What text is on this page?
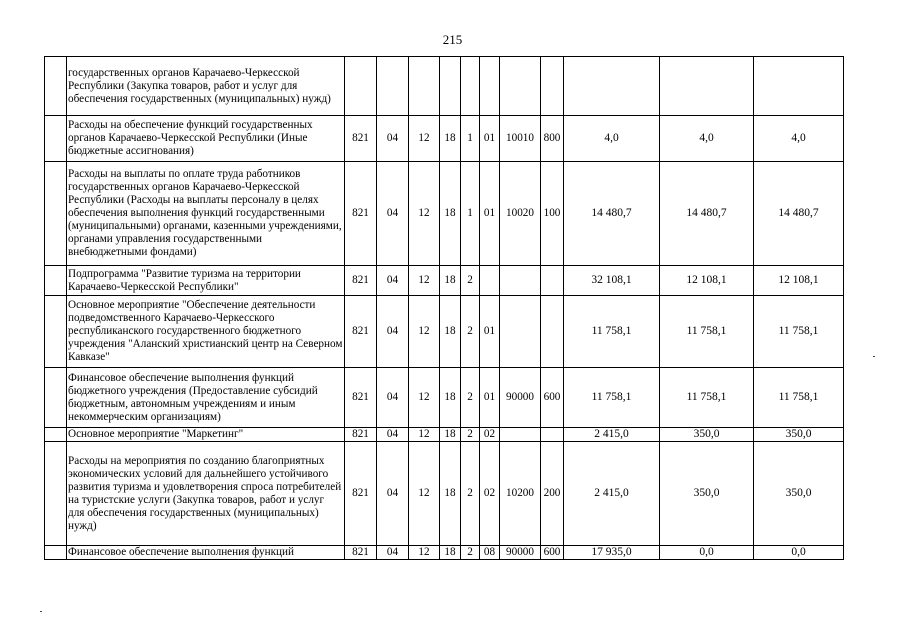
215
	государственных органов Карачаево-Черкесской Республики (Закупка товаров, работ и услуг для обеспечения государственных (муниципальных) нужд)											
	Расходы на обеспечение функций государственных органов Карачаево-Черкесской Республики (Иные бюджетные ассигнования)	821	04	12	18	1	01	10010	800	4,0	4,0	4,0
	Расходы на выплаты по оплате труда работников государственных органов Карачаево-Черкесской Республики (Расходы на выплаты персоналу в целях обеспечения выполнения функций государственными (муниципальными) органами, казенными учреждениями, органами управления государственными внебюджетными фондами)	821	04	12	18	1	01	10020	100	14 480,7	14 480,7	14 480,7
	Подпрограмма "Развитие туризма на территории Карачаево-Черкесской Республики"	821	04	12	18	2				32 108,1	12 108,1	12 108,1
	Основное мероприятие "Обеспечение деятельности подведомственного Карачаево-Черкесского республиканского государственного бюджетного учреждения "Аланский христианский центр на Северном Кавказе"	821	04	12	18	2	01			11 758,1	11 758,1	11 758,1
	Финансовое обеспечение выполнения функций бюджетного учреждения (Предоставление субсидий бюджетным, автономным учреждениям и иным некоммерческим организациям)	821	04	12	18	2	01	90000	600	11 758,1	11 758,1	11 758,1
	Основное мероприятие "Маркетинг"	821	04	12	18	2	02			2 415,0	350,0	350,0
	Расходы на мероприятия по созданию благоприятных экономических условий для дальнейшего устойчивого развития туризма и удовлетворения спроса потребителей на туристские услуги (Закупка товаров, работ и услуг для обеспечения государственных (муниципальных) нужд)	821	04	12	18	2	02	10200	200	2 415,0	350,0	350,0
	Финансовое обеспечение выполнения функций	821	04	12	18	2	08	90000	600	17 935,0	0,0	0,0
